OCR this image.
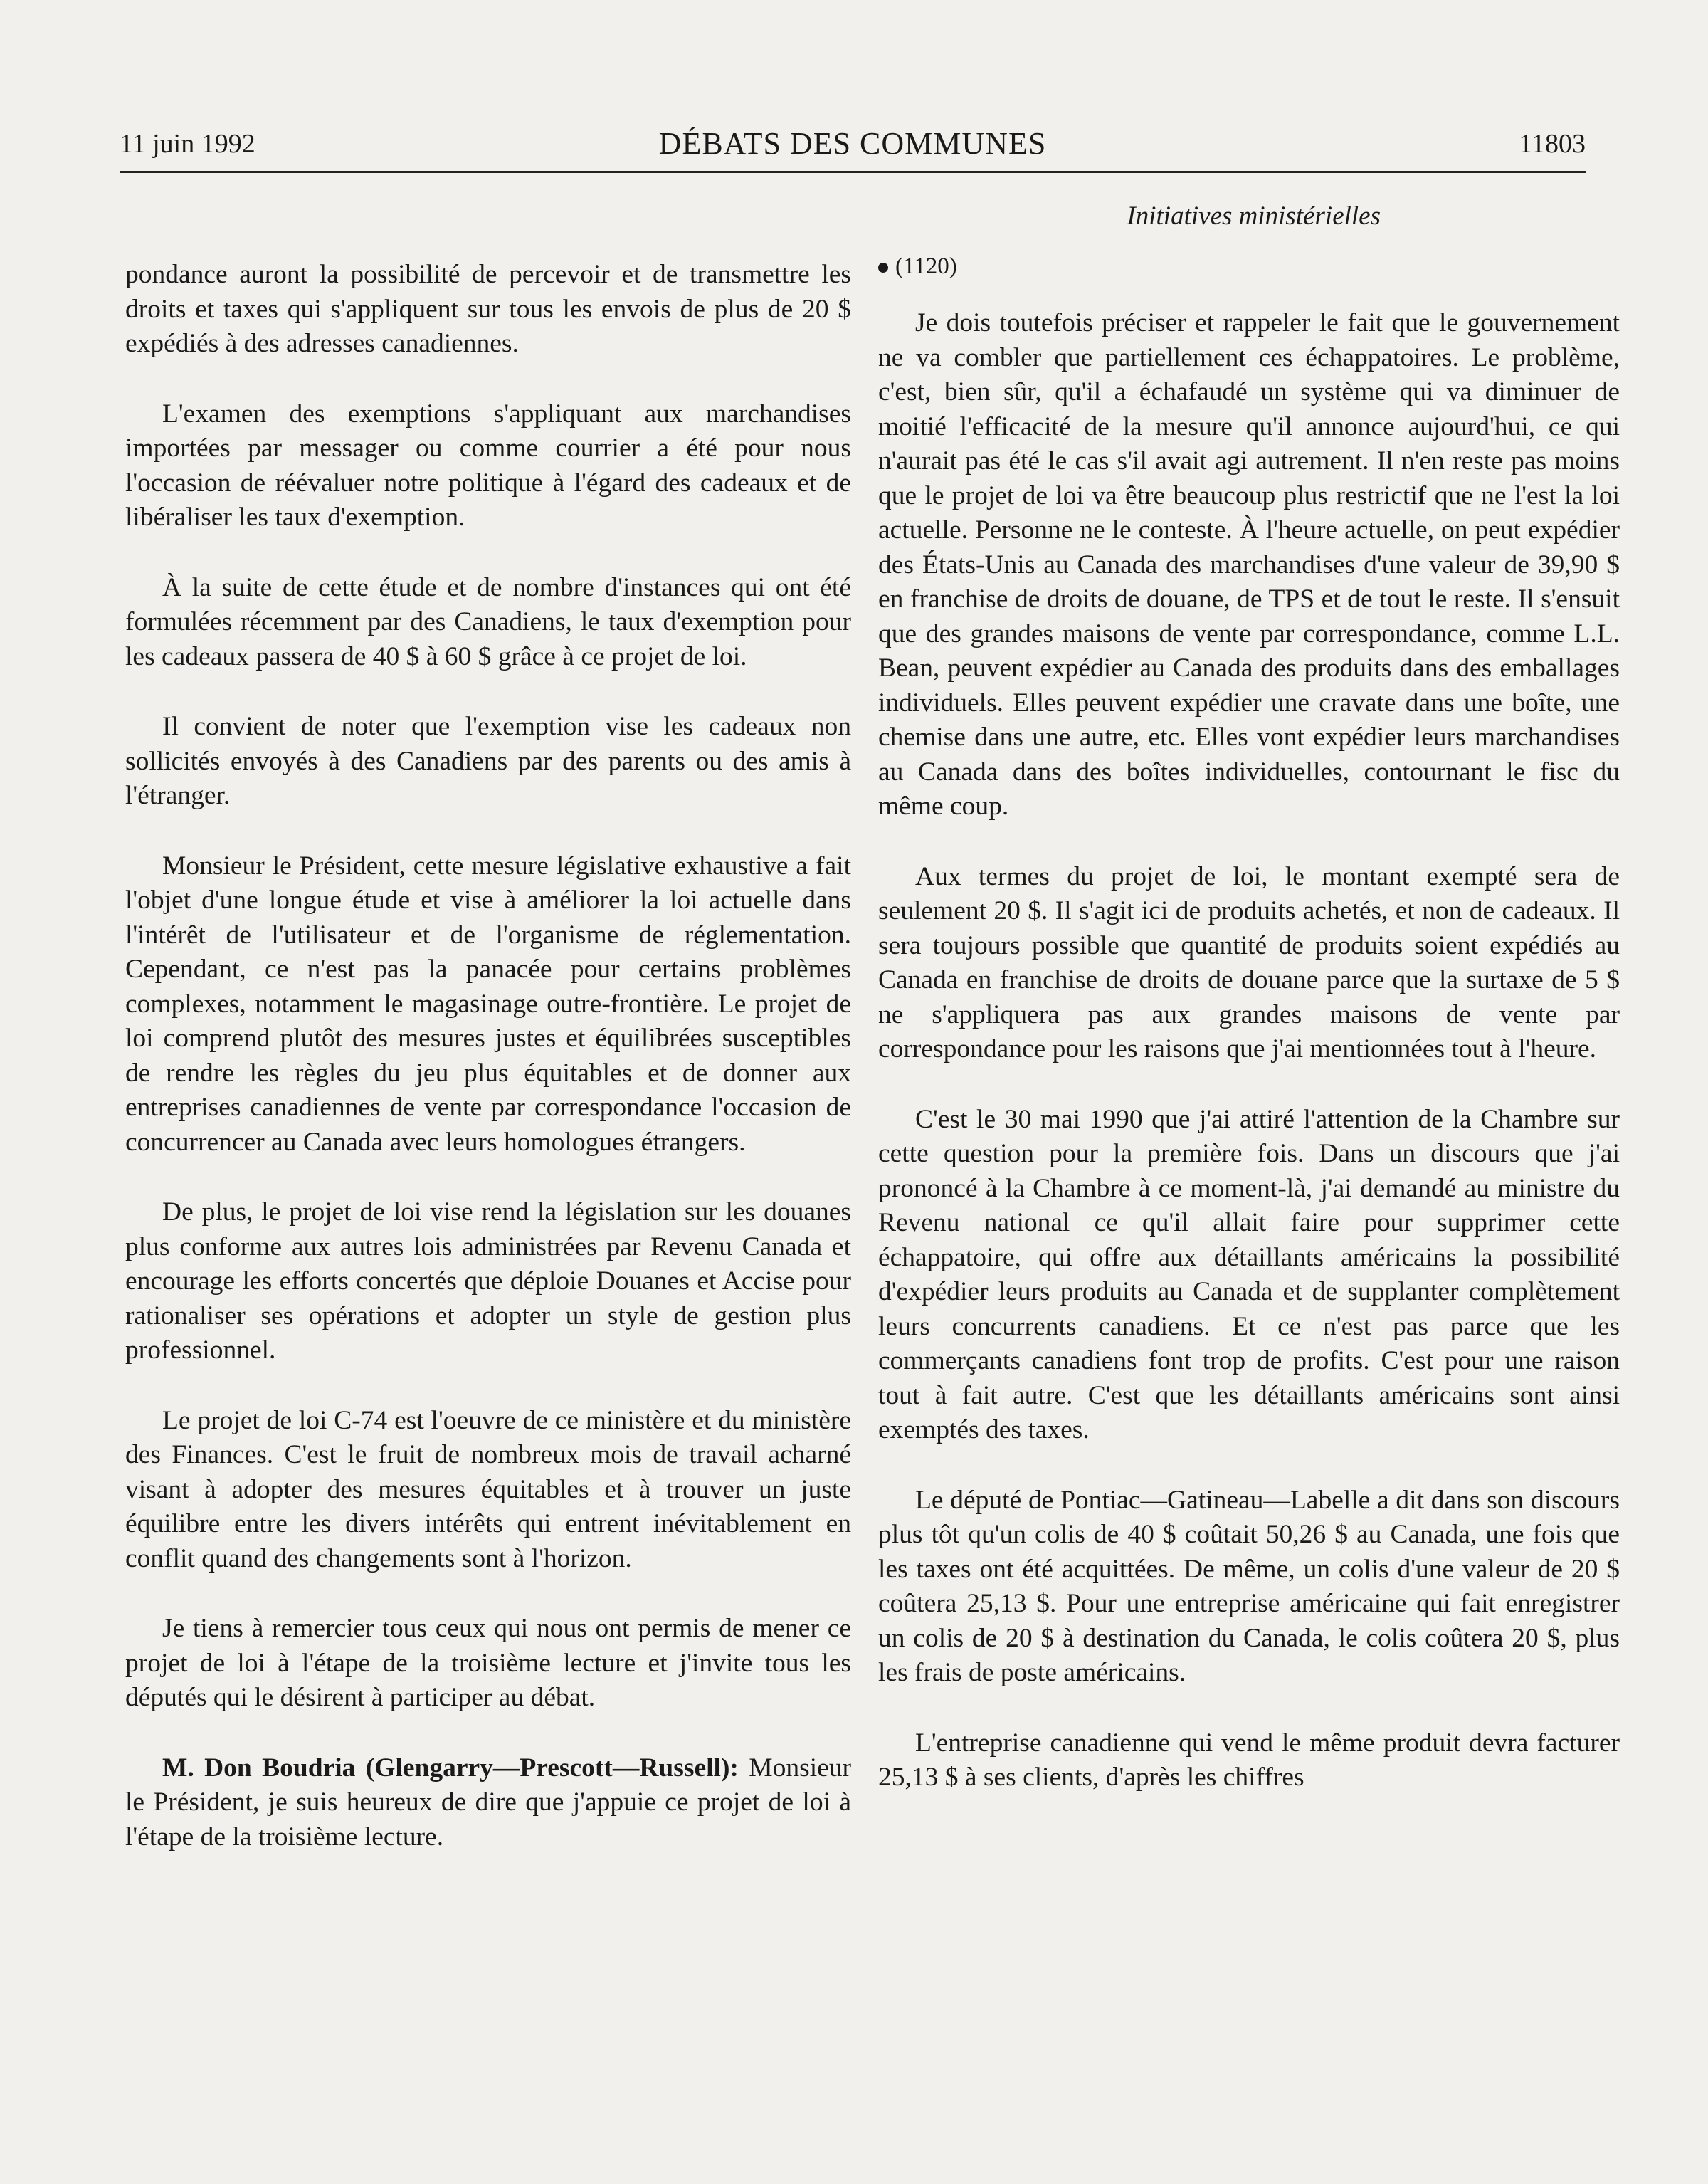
11 juin 1992	DÉBATS DES COMMUNES	11803
Initiatives ministérielles

pondance auront la possibilité de percevoir et de transmettre les droits et taxes qui s'appliquent sur tous les envois de plus de 20 $ expédiés à des adresses canadiennes.

L'examen des exemptions s'appliquant aux marchandises importées par messager ou comme courrier a été pour nous l'occasion de réévaluer notre politique à l'égard des cadeaux et de libéraliser les taux d'exemption.

À la suite de cette étude et de nombre d'instances qui ont été formulées récemment par des Canadiens, le taux d'exemption pour les cadeaux passera de 40 $ à 60 $ grâce à ce projet de loi.

Il convient de noter que l'exemption vise les cadeaux non sollicités envoyés à des Canadiens par des parents ou des amis à l'étranger.

Monsieur le Président, cette mesure législative exhaustive a fait l'objet d'une longue étude et vise à améliorer la loi actuelle dans l'intérêt de l'utilisateur et de l'organisme de réglementation. Cependant, ce n'est pas la panacée pour certains problèmes complexes, notamment le magasinage outre-frontière. Le projet de loi comprend plutôt des mesures justes et équilibrées susceptibles de rendre les règles du jeu plus équitables et de donner aux entreprises canadiennes de vente par correspondance l'occasion de concurrencer au Canada avec leurs homologues étrangers.

De plus, le projet de loi vise rend la législation sur les douanes plus conforme aux autres lois administrées par Revenu Canada et encourage les efforts concertés que déploie Douanes et Accise pour rationaliser ses opérations et adopter un style de gestion plus professionnel.

Le projet de loi C-74 est l'oeuvre de ce ministère et du ministère des Finances. C'est le fruit de nombreux mois de travail acharné visant à adopter des mesures équitables et à trouver un juste équilibre entre les divers intérêts qui entrent inévitablement en conflit quand des changements sont à l'horizon.

Je tiens à remercier tous ceux qui nous ont permis de mener ce projet de loi à l'étape de la troisième lecture et j'invite tous les députés qui le désirent à participer au débat.

M. Don Boudria (Glengarry—Prescott—Russell): Monsieur le Président, je suis heureux de dire que j'appuie ce projet de loi à l'étape de la troisième lecture.

(1120)

Je dois toutefois préciser et rappeler le fait que le gouvernement ne va combler que partiellement ces échappatoires. Le problème, c'est, bien sûr, qu'il a échafaudé un système qui va diminuer de moitié l'efficacité de la mesure qu'il annonce aujourd'hui, ce qui n'aurait pas été le cas s'il avait agi autrement. Il n'en reste pas moins que le projet de loi va être beaucoup plus restrictif que ne l'est la loi actuelle. Personne ne le conteste. À l'heure actuelle, on peut expédier des États-Unis au Canada des marchandises d'une valeur de 39,90 $ en franchise de droits de douane, de TPS et de tout le reste. Il s'ensuit que des grandes maisons de vente par correspondance, comme L.L. Bean, peuvent expédier au Canada des produits dans des emballages individuels. Elles peuvent expédier une cravate dans une boîte, une chemise dans une autre, etc. Elles vont expédier leurs marchandises au Canada dans des boîtes individuelles, contournant le fisc du même coup.

Aux termes du projet de loi, le montant exempté sera de seulement 20 $. Il s'agit ici de produits achetés, et non de cadeaux. Il sera toujours possible que quantité de produits soient expédiés au Canada en franchise de droits de douane parce que la surtaxe de 5 $ ne s'appliquera pas aux grandes maisons de vente par correspondance pour les raisons que j'ai mentionnées tout à l'heure.

C'est le 30 mai 1990 que j'ai attiré l'attention de la Chambre sur cette question pour la première fois. Dans un discours que j'ai prononcé à la Chambre à ce moment-là, j'ai demandé au ministre du Revenu national ce qu'il allait faire pour supprimer cette échappatoire, qui offre aux détaillants américains la possibilité d'expédier leurs produits au Canada et de supplanter complètement leurs concurrents canadiens. Et ce n'est pas parce que les commerçants canadiens font trop de profits. C'est pour une raison tout à fait autre. C'est que les détaillants américains sont ainsi exemptés des taxes.

Le député de Pontiac—Gatineau—Labelle a dit dans son discours plus tôt qu'un colis de 40 $ coûtait 50,26 $ au Canada, une fois que les taxes ont été acquittées. De même, un colis d'une valeur de 20 $ coûtera 25,13 $. Pour une entreprise américaine qui fait enregistrer un colis de 20 $ à destination du Canada, le colis coûtera 20 $, plus les frais de poste américains.

L'entreprise canadienne qui vend le même produit devra facturer 25,13 $ à ses clients, d'après les chiffres
